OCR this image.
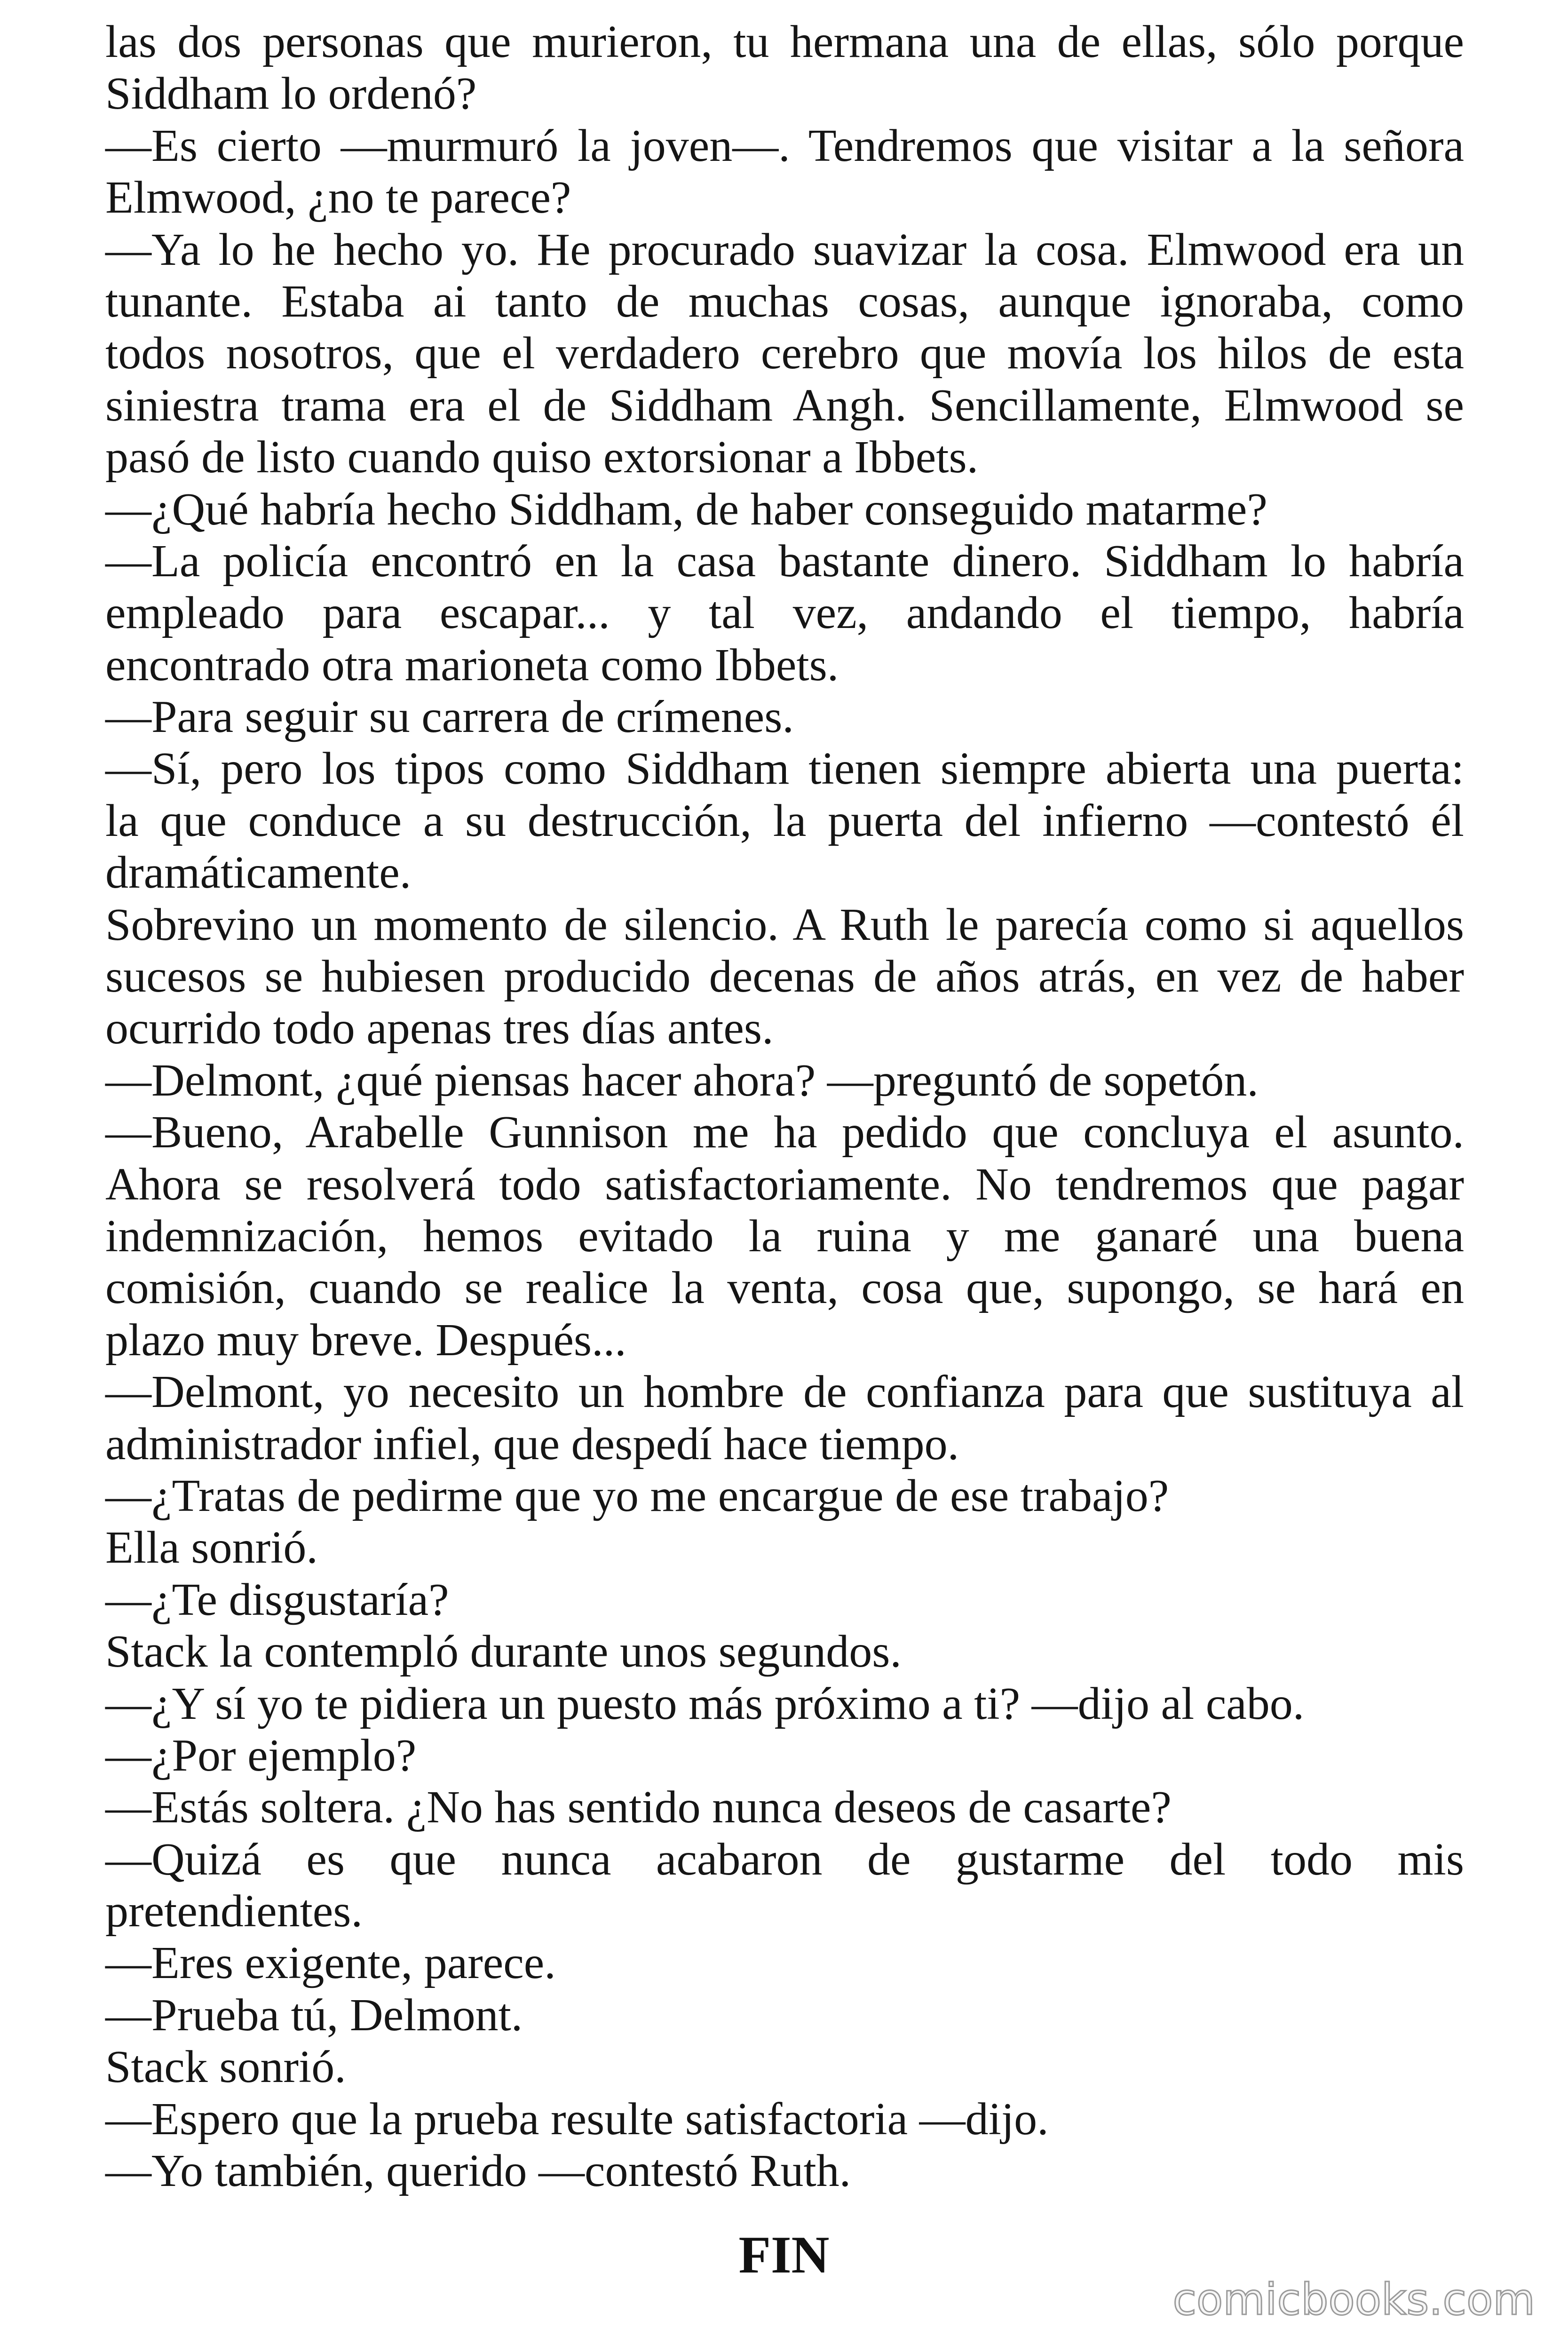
las dos personas que murieron, tu hermana una de ellas, sólo porque
Siddham lo ordenó?
—Es cierto —murmuró la joven—. Tendremos que visitar a la señora
Elmwood, ¿no te parece?
—Ya lo he hecho yo. He procurado suavizar la cosa. Elmwood era un
tunante. Estaba ai tanto de muchas cosas, aunque ignoraba, como
todos nosotros, que el verdadero cerebro que movía los hilos de esta
siniestra trama era el de Siddham Angh. Sencillamente, Elmwood se
pasó de listo cuando quiso extorsionar a Ibbets.
—¿Qué habría hecho Siddham, de haber conseguido matarme?
—La policía encontró en la casa bastante dinero. Siddham lo habría
empleado para escapar... y tal vez, andando el tiempo, habría
encontrado otra marioneta como Ibbets.
—Para seguir su carrera de crímenes.
—Sí, pero los tipos como Siddham tienen siempre abierta una puerta:
la que conduce a su destrucción, la puerta del infierno —contestó él
dramáticamente.
Sobrevino un momento de silencio. A Ruth le parecía como si aquellos
sucesos se hubiesen producido decenas de años atrás, en vez de haber
ocurrido todo apenas tres días antes.
—Delmont, ¿qué piensas hacer ahora? —preguntó de sopetón.
—Bueno, Arabelle Gunnison me ha pedido que concluya el asunto.
Ahora se resolverá todo satisfactoriamente. No tendremos que pagar
indemnización, hemos evitado la ruina y me ganaré una buena
comisión, cuando se realice la venta, cosa que, supongo, se hará en
plazo muy breve. Después...
—Delmont, yo necesito un hombre de confianza para que sustituya al
administrador infiel, que despedí hace tiempo.
—¿Tratas de pedirme que yo me encargue de ese trabajo?
Ella sonrió.
—¿Te disgustaría?
Stack la contempló durante unos segundos.
—¿Y sí yo te pidiera un puesto más próximo a ti? —dijo al cabo.
—¿Por ejemplo?
—Estás soltera. ¿No has sentido nunca deseos de casarte?
—Quizá es que nunca acabaron de gustarme del todo mis
pretendientes.
—Eres exigente, parece.
—Prueba tú, Delmont.
Stack sonrió.
—Espero que la prueba resulte satisfactoria —dijo.
—Yo también, querido —contestó Ruth.
FIN
comicbooks.com
